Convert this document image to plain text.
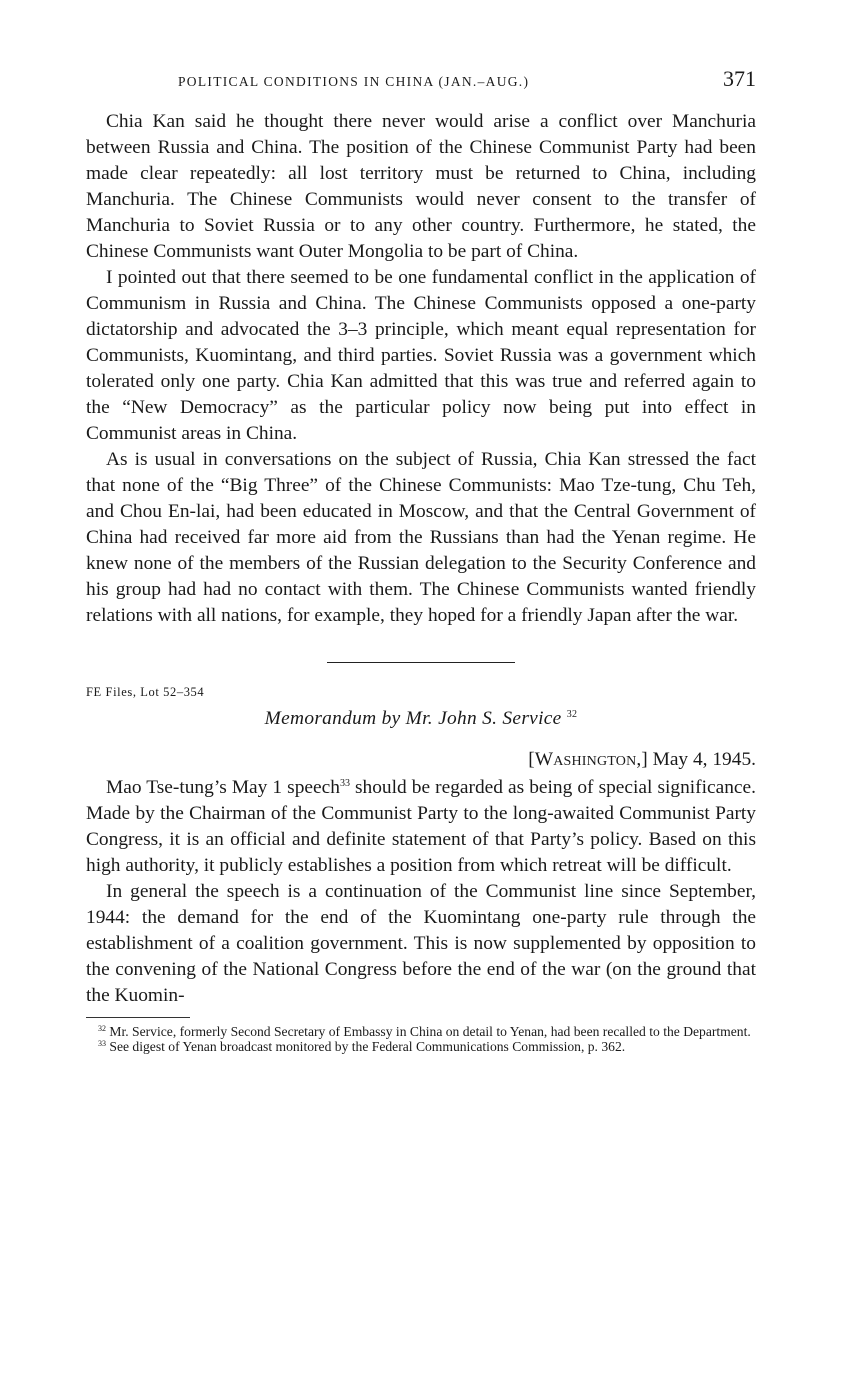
POLITICAL CONDITIONS IN CHINA (JAN.–AUG.)	371

Chia Kan said he thought there never would arise a conflict over Manchuria between Russia and China. The position of the Chinese Communist Party had been made clear repeatedly: all lost territory must be returned to China, including Manchuria. The Chinese Communists would never consent to the transfer of Manchuria to Soviet Russia or to any other country. Furthermore, he stated, the Chinese Communists want Outer Mongolia to be part of China.

I pointed out that there seemed to be one fundamental conflict in the application of Communism in Russia and China. The Chinese Communists opposed a one-party dictatorship and advocated the 3–3 principle, which meant equal representation for Communists, Kuomintang, and third parties. Soviet Russia was a government which tolerated only one party. Chia Kan admitted that this was true and referred again to the “New Democracy” as the particular policy now being put into effect in Communist areas in China.

As is usual in conversations on the subject of Russia, Chia Kan stressed the fact that none of the “Big Three” of the Chinese Communists: Mao Tze-tung, Chu Teh, and Chou En-lai, had been educated in Moscow, and that the Central Government of China had received far more aid from the Russians than had the Yenan regime. He knew none of the members of the Russian delegation to the Security Conference and his group had had no contact with them. The Chinese Communists wanted friendly relations with all nations, for example, they hoped for a friendly Japan after the war.

FE Files, Lot 52–354
Memorandum by Mr. John S. Service $^{32}$
[Washington,] May 4, 1945.

Mao Tse-tung’s May 1 speech$^{33}$ should be regarded as being of special significance. Made by the Chairman of the Communist Party to the long-awaited Communist Party Congress, it is an official and definite statement of that Party’s policy. Based on this high authority, it publicly establishes a position from which retreat will be difficult.

In general the speech is a continuation of the Communist line since September, 1944: the demand for the end of the Kuomintang one-party rule through the establishment of a coalition government. This is now supplemented by opposition to the convening of the National Congress before the end of the war (on the ground that the Kuomin-

$^{32}$ Mr. Service, formerly Second Secretary of Embassy in China on detail to Yenan, had been recalled to the Department.

$^{33}$ See digest of Yenan broadcast monitored by the Federal Communications Commission, p. 362.
